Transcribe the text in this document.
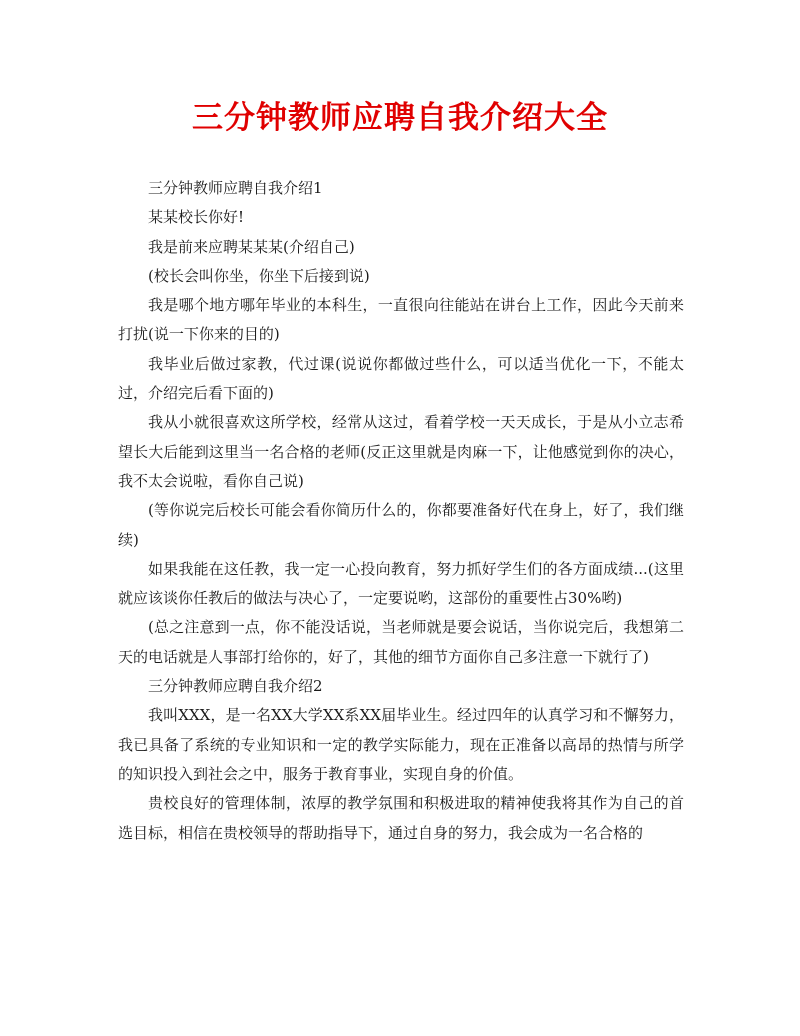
三分钟教师应聘自我介绍大全

三分钟教师应聘自我介绍1

某某校长你好!

我是前来应聘某某某(介绍自己)

(校长会叫你坐，你坐下后接到说)

我是哪个地方哪年毕业的本科生，一直很向往能站在讲台上工作，因此今天前来打扰(说一下你来的目的)

我毕业后做过家教，代过课(说说你都做过些什么，可以适当优化一下，不能太过，介绍完后看下面的)

我从小就很喜欢这所学校，经常从这过，看着学校一天天成长，于是从小立志希望长大后能到这里当一名合格的老师(反正这里就是肉麻一下，让他感觉到你的决心，我不太会说啦，看你自己说)

(等你说完后校长可能会看你简历什么的，你都要准备好代在身上，好了，我们继续)

如果我能在这任教，我一定一心投向教育，努力抓好学生们的各方面成绩...(这里就应该谈你任教后的做法与决心了，一定要说哟，这部份的重要性占30%哟)

(总之注意到一点，你不能没话说，当老师就是要会说话，当你说完后，我想第二天的电话就是人事部打给你的，好了，其他的细节方面你自己多注意一下就行了)

三分钟教师应聘自我介绍2

我叫XXX，是一名XX大学XX系XX届毕业生。经过四年的认真学习和不懈努力，我已具备了系统的专业知识和一定的教学实际能力，现在正准备以高昂的热情与所学的知识投入到社会之中，服务于教育事业，实现自身的价值。

贵校良好的管理体制，浓厚的教学氛围和积极进取的精神使我将其作为自己的首选目标，相信在贵校领导的帮助指导下，通过自身的努力，我会成为一名合格的
